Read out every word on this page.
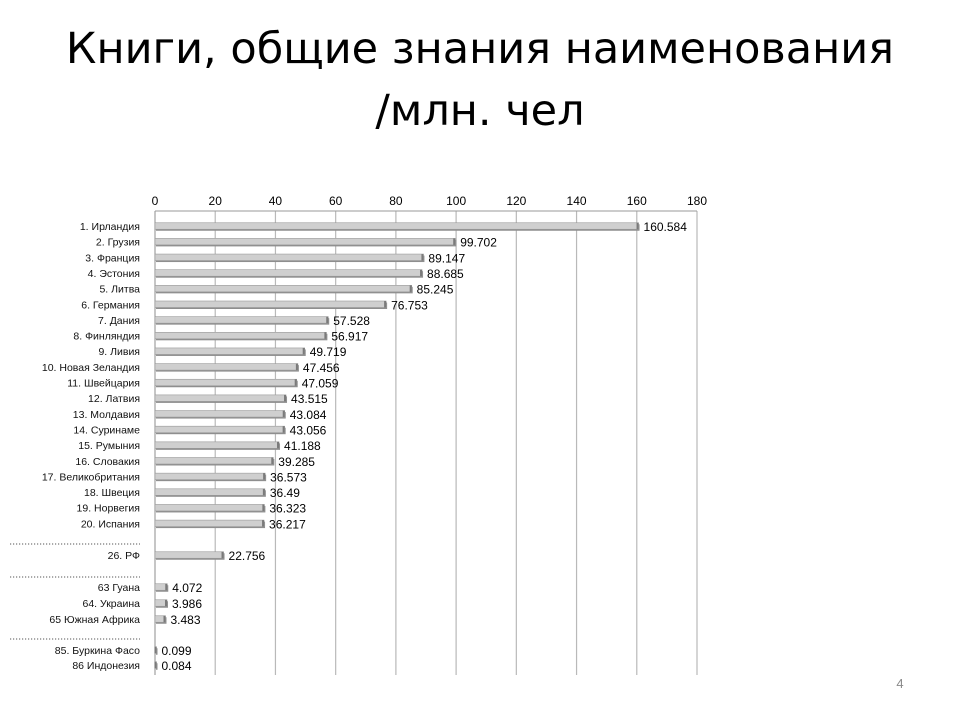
Книги, общие знания наименования
/млн. чел
0	20	40	60	80	100	120	140	160	180
1. Ирландия
2. Грузия
3. Франция
4. Эстония
5. Литва
6. Германия
7. Дания
8. Финляндия
9. Ливия
10. Новая Зеландия
11. Швейцария
12. Латвия
13. Молдавия
14. Суринаме
15. Румыния
16. Словакия
17. Великобритания
18. Швеция
19. Норвегия
20. Испания
26. РФ
63 Гуана
64. Украина
65 Южная Африка
85. Буркина Фасо
86 Индонезия
160.584
99.702
89.147
88.685
85.245
76.753
57.528
56.917
49.719
47.456
47.059
43.515
43.084
43.056
41.188
39.285
36.573
36.49
36.323
36.217
22.756
4.072
3.986
3.483
0.099
0.084
4
